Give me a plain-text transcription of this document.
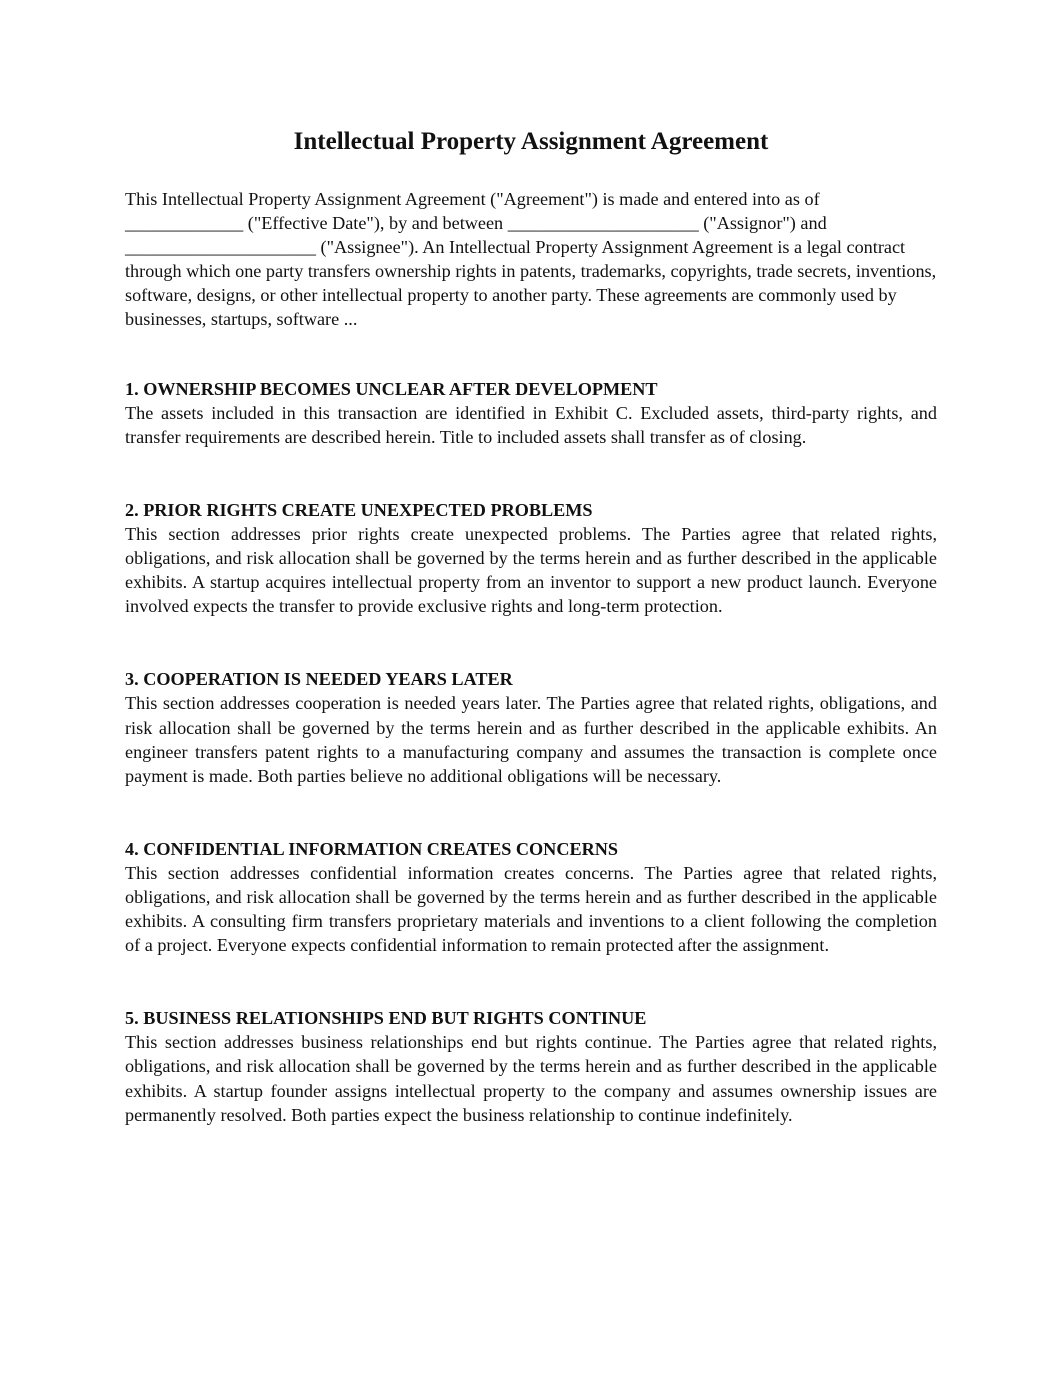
Intellectual Property Assignment Agreement

This Intellectual Property Assignment Agreement ("Agreement") is made and entered into as of _____________ ("Effective Date"), by and between _____________________ ("Assignor") and _____________________ ("Assignee"). An Intellectual Property Assignment Agreement is a legal contract through which one party transfers ownership rights in patents, trademarks, copyrights, trade secrets, inventions, software, designs, or other intellectual property to another party. These agreements are commonly used by businesses, startups, software ...

1. OWNERSHIP BECOMES UNCLEAR AFTER DEVELOPMENT

The assets included in this transaction are identified in Exhibit C. Excluded assets, third-party rights, and transfer requirements are described herein. Title to included assets shall transfer as of closing.

2. PRIOR RIGHTS CREATE UNEXPECTED PROBLEMS

This section addresses prior rights create unexpected problems. The Parties agree that related rights, obligations, and risk allocation shall be governed by the terms herein and as further described in the applicable exhibits. A startup acquires intellectual property from an inventor to support a new product launch. Everyone involved expects the transfer to provide exclusive rights and long-term protection.

3. COOPERATION IS NEEDED YEARS LATER

This section addresses cooperation is needed years later. The Parties agree that related rights, obligations, and risk allocation shall be governed by the terms herein and as further described in the applicable exhibits. An engineer transfers patent rights to a manufacturing company and assumes the transaction is complete once payment is made. Both parties believe no additional obligations will be necessary.

4. CONFIDENTIAL INFORMATION CREATES CONCERNS

This section addresses confidential information creates concerns. The Parties agree that related rights, obligations, and risk allocation shall be governed by the terms herein and as further described in the applicable exhibits. A consulting firm transfers proprietary materials and inventions to a client following the completion of a project. Everyone expects confidential information to remain protected after the assignment.

5. BUSINESS RELATIONSHIPS END BUT RIGHTS CONTINUE

This section addresses business relationships end but rights continue. The Parties agree that related rights, obligations, and risk allocation shall be governed by the terms herein and as further described in the applicable exhibits. A startup founder assigns intellectual property to the company and assumes ownership issues are permanently resolved. Both parties expect the business relationship to continue indefinitely.
